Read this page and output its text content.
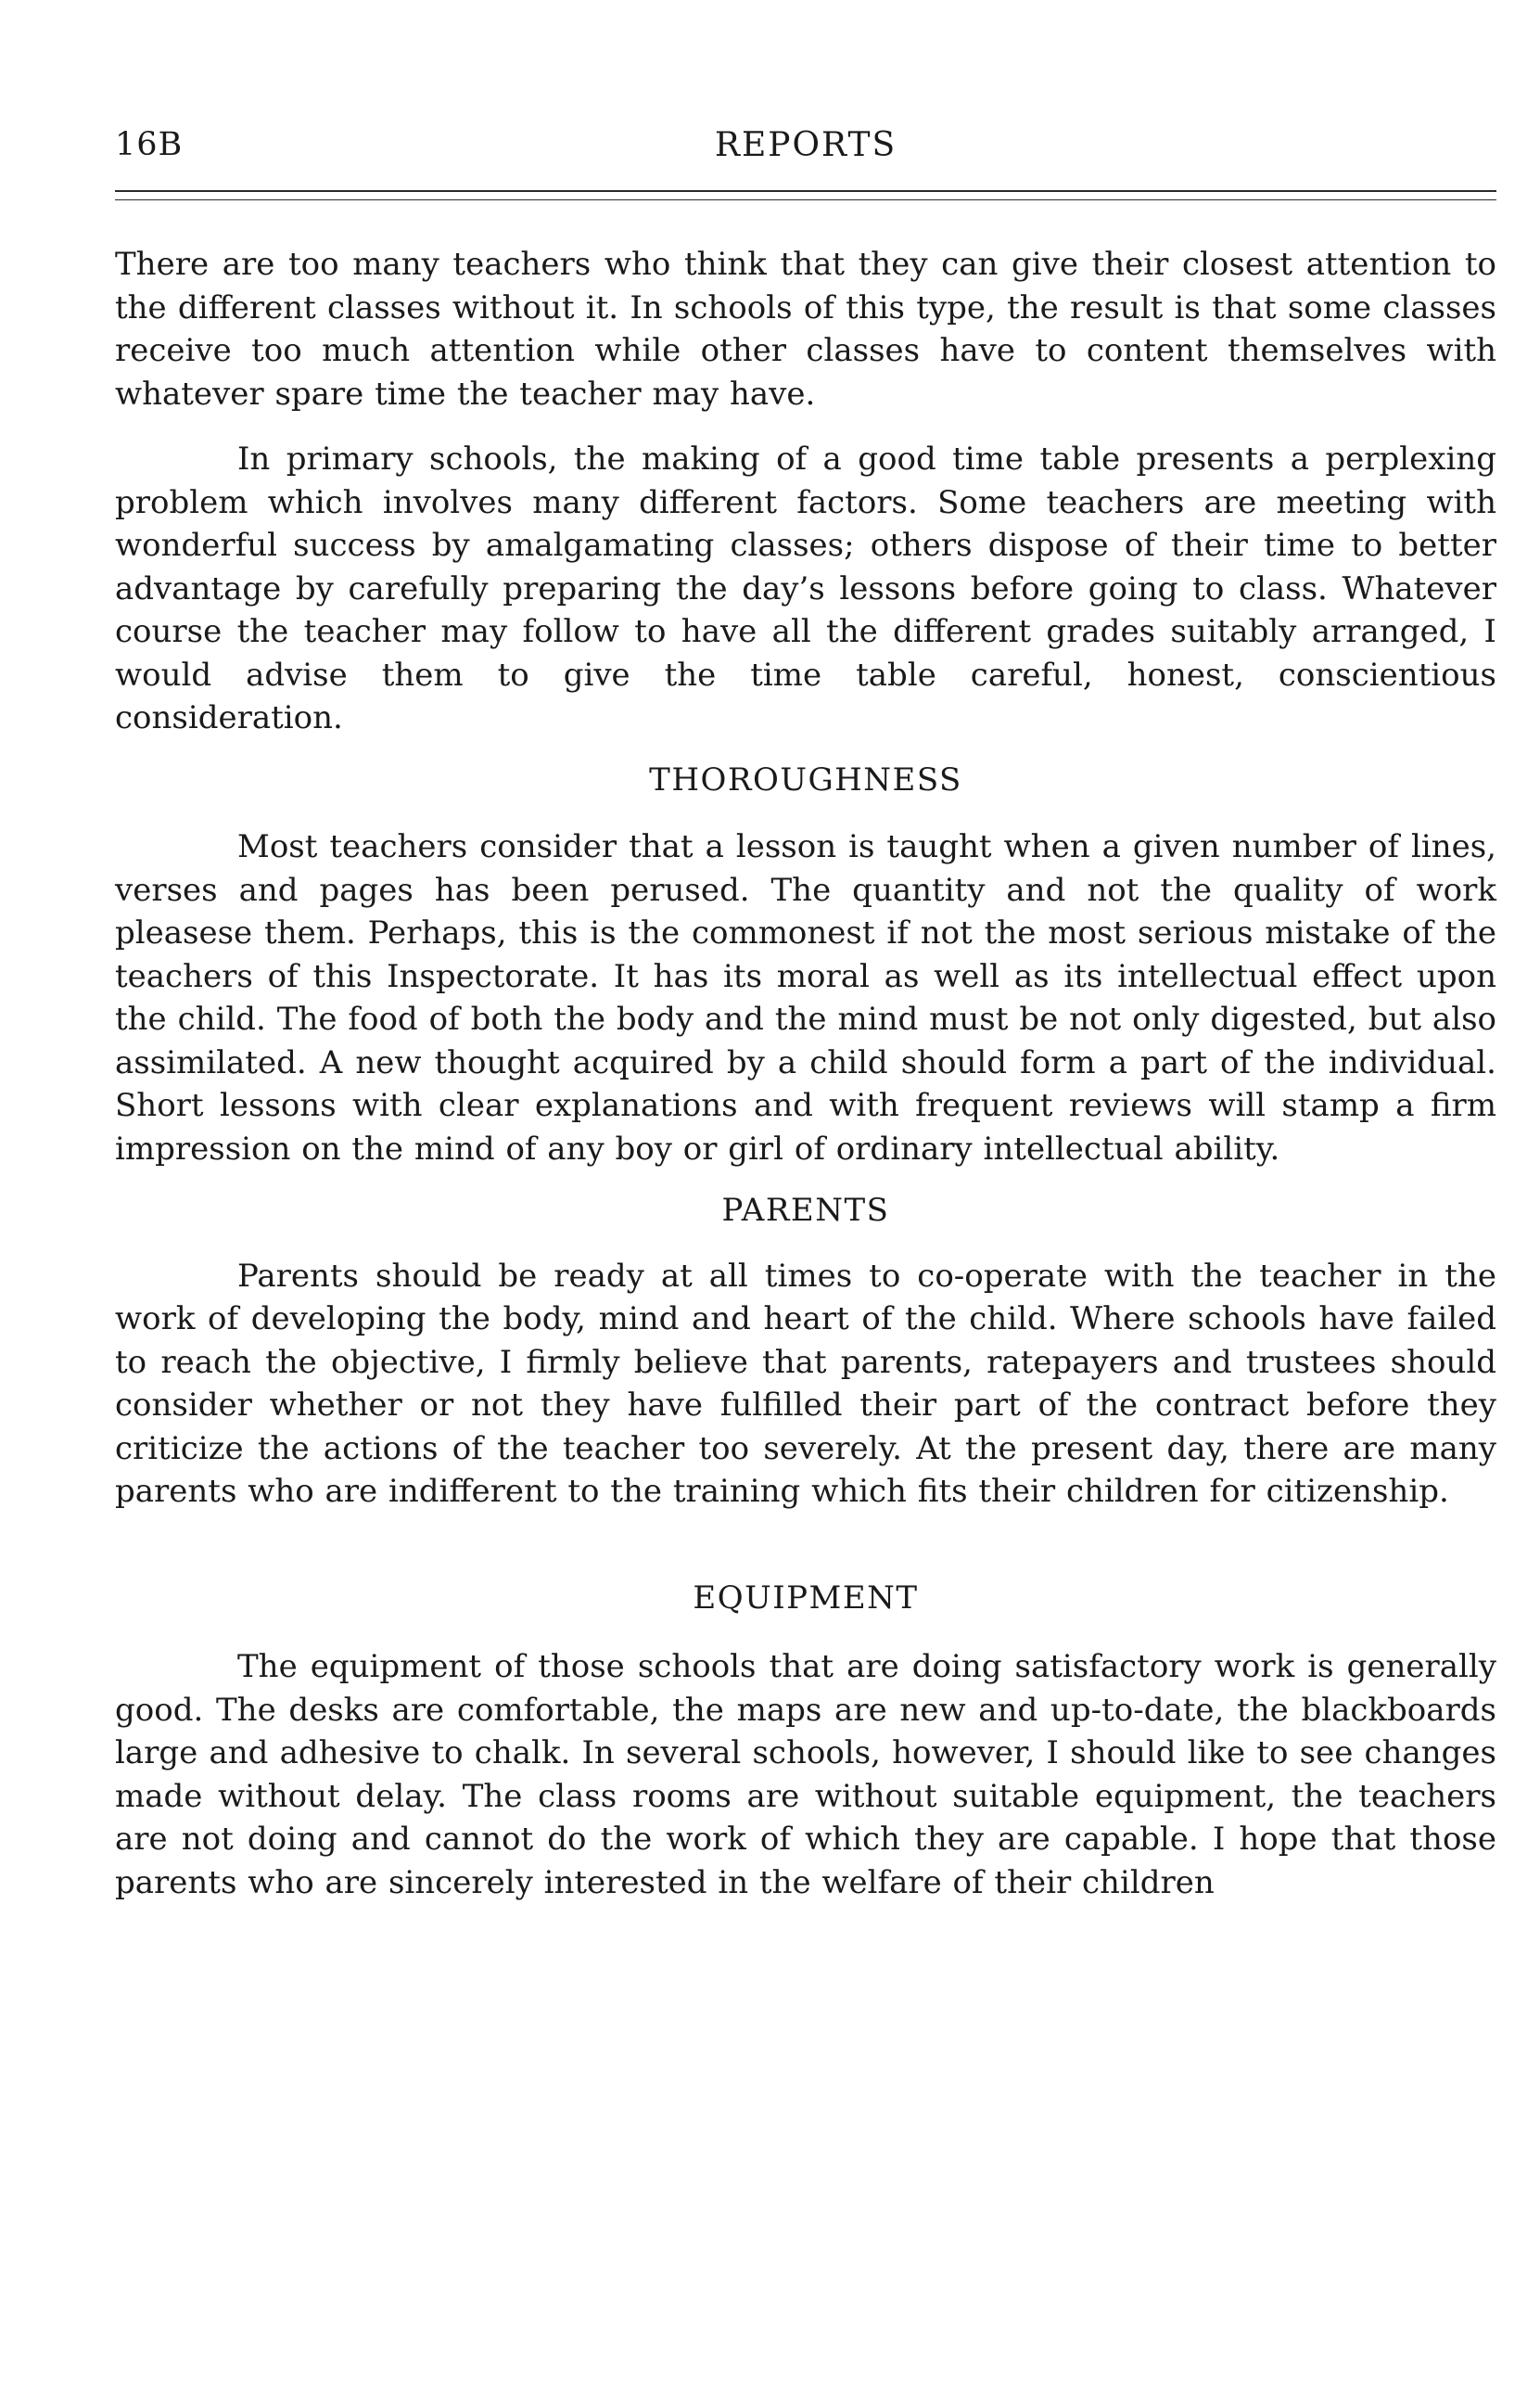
16B	REPORTS

There are too many teachers who think that they can give their closest attention to the different classes without it. In schools of this type, the result is that some classes receive too much attention while other classes have to content themselves with whatever spare time the teacher may have.

In primary schools, the making of a good time table presents a perplexing problem which involves many different factors. Some teachers are meeting with wonderful success by amalgamating classes; others dispose of their time to better advantage by carefully preparing the day’s lessons before going to class. Whatever course the teacher may follow to have all the different grades suitably arranged, I would advise them to give the time table careful, honest, conscientious consideration.

THOROUGHNESS

Most teachers consider that a lesson is taught when a given number of lines, verses and pages has been perused. The quantity and not the quality of work pleasese them. Perhaps, this is the commonest if not the most serious mistake of the teachers of this Inspectorate. It has its moral as well as its intellectual effect upon the child. The food of both the body and the mind must be not only digested, but also assimilated. A new thought acquired by a child should form a part of the individual. Short lessons with clear explanations and with frequent reviews will stamp a firm impression on the mind of any boy or girl of ordinary intellectual ability.

PARENTS

Parents should be ready at all times to co-operate with the teacher in the work of developing the body, mind and heart of the child. Where schools have failed to reach the objective, I firmly believe that parents, ratepayers and trustees should consider whether or not they have fulfilled their part of the contract before they criticize the actions of the teacher too severely. At the present day, there are many parents who are indifferent to the training which fits their children for citizenship.

EQUIPMENT

The equipment of those schools that are doing satisfactory work is generally good. The desks are comfortable, the maps are new and up-to-date, the blackboards large and adhesive to chalk. In several schools, however, I should like to see changes made without delay. The class rooms are without suitable equipment, the teachers are not doing and cannot do the work of which they are capable. I hope that those parents who are sincerely interested in the welfare of their children
